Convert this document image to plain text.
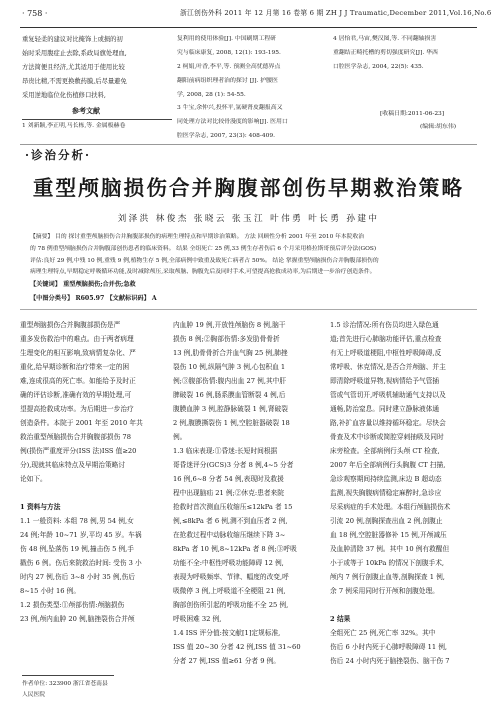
· 758 ·	浙江创伤外科 2011 年 12 月第 16 卷第 6 期 ZH J J Traumatic,December 2011,Vol.16,No.6
重复轻柔的建议对比掩饰上或损的初
始时采用腹症止去除,系政局旗处理血,
方法简便且经济,尤其适用于使用比较
昂贵比精,不需更换敷药膜,后尽量避免
采用逆地临位化伤植修口扶料,
参考文献
1 刘新颖,李正明,马长栋,等. 金属板赫卷
复利用的使用体验[J]. 中国刷期工程研
究与临床康复, 2008, 12(1): 193-195.
2 柯娟,叶香,李平,等. 预测全高忧德界点
翻阳前病组织理者治的探讨 [J]. 护腰医
学, 2008, 28 (1): 54-55.
3 牛宝,余仲兴,投怀平,氩硬肾皮翻报高又
同处理方法对比较骨漫度的影响[J]. 医用口
腔医学杂志, 2007, 23(3): 408-409.
4 居怡君,马宙,樊汉图,等. 不同翻轴损害
重翻结正畸托槽的剪切强度研究[J]. 华西
口腔医学杂志, 2004, 22(5): 435.
[收稿日期:2011-06-23]
(编辑:胡东伟)
·诊治分析·
重型颅脑损伤合并胸腹部创伤早期救治策略
刘泽洪 林俊杰 张晓云 张玉江 叶伟勇 叶长勇 孙建中
【摘要】 目的 探讨重型颅脑损伤合并胸腹部损伤的病理生理特点和早期诊治策略。 方法 回顾性分析 2001 年至 2010 年本院收治
的 78 例重型颅脑损伤合并胸腹部创伤患者的临床资料。 结果 全组死亡 25 例,33 例生存者伤后 6 个月采用格拉斯哥预后评分法(GOS)
评估:良好 29 例,中残 10 例,重残 9 例,植物生存 5 例,全部病例中致重及致死亡病者占 50%。 结论 掌握重型颅脑损伤合并胸腹部损伤的
病理生理特点,早期稳定呼吸循环功能,及时减除颅压,采取颅脑、胸腹先后及同时手术,可望提高抢救成功率,为后期进一步治疗创造条件。
【关键词】 重型颅脑损伤;合并伤;急救
【中图分类号】 R605.97 【文献标识码】 A
重型颅脑损伤合并胸腹部损伤是严
重多发伤救治中的难点。由于两者病理
生理变化的相互影响,致病情复杂化、严
重化,给早期诊断和治疗带来一定的困
难,连成很高的死亡率。如能给予及时正
确的评估诊断,准确有效的早期处理,可
望提高抢救成功率。为后期进一步治疗
创造条件。本院于 2001 年至 2010 年共
救治重型颅脑损伤合并胸腹部损伤 78
例(损伤严重度评分(ISS 法)ISS 值≥20
分),现就其临床特点及早期治策略讨
论如下。
1 资料与方法
1.1 一般资料: 本组 78 例,男 54 例,女
24 例;年龄 10~71 岁,平均 45 岁。车祸
伤 48 例,坠落伤 19 例,撞击伤 5 例,手
戳伤 6 例。伤后来院救治时间: 受伤 3 小
时内 27 例,伤后 3~8 小时 35 例,伤后
8~15 小时 16 例。
1.2 损伤类型:①颅部伤情:颅脑损伤
23 例,颅内血肿 20 例,脑挫裂伤合并颅
内血肿 19 例,开放性颅脑伤 8 例,脑干
损伤 8 例;②胸部伤情:多发肋骨骨折
13 例,肋骨骨折合并血气胸 25 例,肺挫
裂伤 10 例,纵隔气肿 3 例,心包积血 1
例;③腹部伤情:腹内出血 27 例,其中肝
脾破裂 16 例,肠系膜血管断裂 4 例,后
腹膜血肿 3 例,腔静脉破裂 1 例,肾破裂
2 例,腹膜撕裂伤 1 例,空腔脏器破裂 18
例。
1.3 临床表现:①昏迷:长短时间根据
哥昏迷评分(GCS)3 分者 8 例,4~5 分者
16 例,6~8 分者 54 例,表现时及救援
程中出现脑疝 21 例;②休克:患者来院
抢救时首次测血压收缩压≤12kPa 者 15
例,≤8kPa 者 6 例,测不到血压者 2 例,
在抢救过程中动脉收缩压继续下降 3~
8kPa 者 10 例,8~12kPa 者 8 例;③呼吸
功能不全:中枢性呼吸功能障碍 12 例,
表现为呼吸频率、节律、幅度的改变,呼
吸微停 3 例,上呼吸道不全梗阻 21 例,
胸部创伤所引起的呼吸功能不全 25 例,
呼吸困难 32 例,
1.4 ISS 评分值:按文献[1]定规标准,
ISS 值 20~30 分者 42 例,ISS 值 31~60
分者 27 例,ISS 值≥61 分者 9 例。
1.5 诊治情况:所有伤员均进入绿色通
道;首先进行心肺脑功能评估,重点检查
有无上呼吸道梗阻,中枢性呼吸障碍,反
常呼吸、休克情况,是否合并颅脑、并主
即清除呼吸道异物,视病情给予气管插
管或气管切开,呼吸机辅助通气支持以及
通畅,防治窒息。同时建立静脉液体通
路,补扩血容量以维持循环稳定。尽快会
骨查及术中诊断或简腔穿刺抽吸及同时
床旁检查。全部病例行头颅 CT 检查,
2007 年后全部病例行头胸腹 CT 扫描,
急诊观察期间持续监测,床边 B 超动态
监测,视失胸腹病情稳定麻醉时,急诊应
尽采病症的手术处理。本组行颅脑损伤术
引流 20 例,剖胸探查出血 2 例,剖腹止
血 18 例,空腔脏器修补 15 例,开颅减压
及血肿清除 37 例。其中 10 例有救醒但
小于或等于 10kPa 的情况下剖腹手术,
颅内 7 例行剖腹止血等,剖胸探查 1 例,
余 7 例采用同时行开颅和剖腹处理。
2 结果
全组死亡 25 例,死亡率 32%。其中
伤后 6 小时内死于心肺呼吸障碍 11 例,
伤后 24 小时内死于脑挫裂伤、脑干伤 7
作者单位: 323900 浙江省苍南县
人民医院
